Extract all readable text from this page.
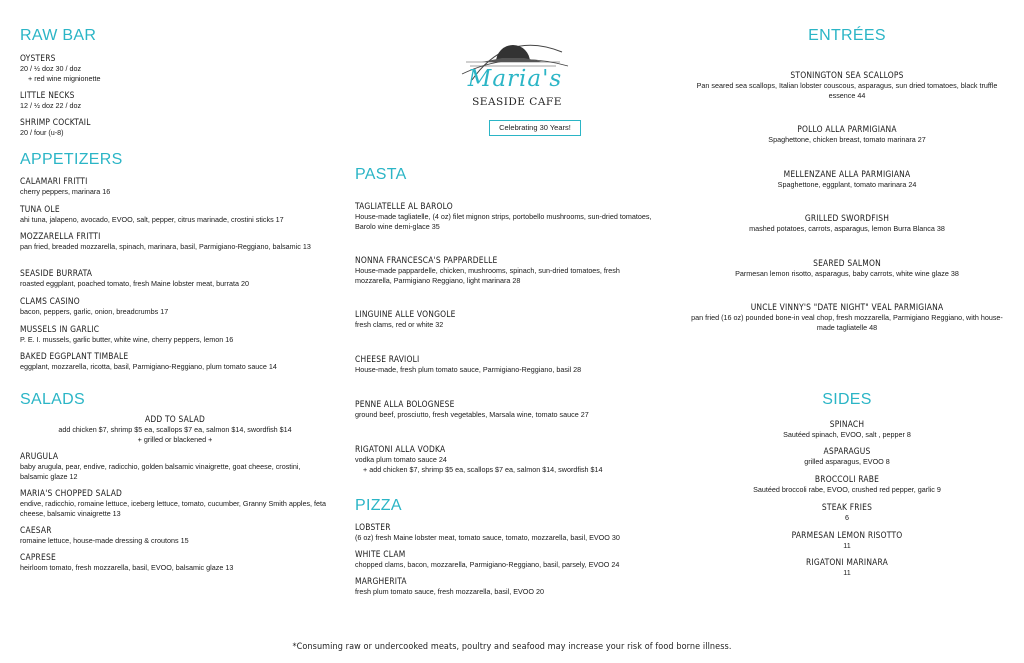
RAW BAR
OYSTERS
20 / ½ doz 30 / doz
+ red wine mignionette
LITTLE NECKS
12 / ½ doz 22 / doz
SHRIMP COCKTAIL
20 / four (u-8)
APPETIZERS
CALAMARI FRITTI
cherry peppers, marinara 16
TUNA OLE
ahi tuna, jalapeno, avocado, EVOO, salt, pepper, citrus marinade, crostini sticks 17
MOZZARELLA FRITTI
pan fried, breaded mozzarella, spinach, marinara, basil, Parmigiano-Reggiano, balsamic 13
SEASIDE BURRATA
roasted eggplant, poached tomato, fresh Maine lobster meat, burrata 20
CLAMS CASINO
bacon, peppers, garlic, onion, breadcrumbs 17
MUSSELS IN GARLIC
P. E. I. mussels, garlic butter, white wine, cherry peppers, lemon 16
BAKED EGGPLANT TIMBALE
eggplant, mozzarella, ricotta, basil, Parmigiano-Reggiano, plum tomato sauce 14
SALADS
ADD TO SALAD
add chicken $7, shrimp $5 ea, scallops $7 ea, salmon $14, swordfish $14
+ grilled or blackened +
ARUGULA
baby arugula, pear, endive, radicchio, golden balsamic vinaigrette, goat cheese, crostini, balsamic glaze 12
MARIA'S CHOPPED SALAD
endive, radicchio, romaine lettuce, iceberg lettuce, tomato, cucumber, Granny Smith apples, feta cheese, balsamic vinaigrette 13
CAESAR
romaine lettuce, house-made dressing & croutons 15
CAPRESE
heirloom tomato, fresh mozzarella, basil, EVOO, balsamic glaze 13
Maria's
SEASIDE CAFE
Celebrating 30 Years!
PASTA
TAGLIATELLE AL BAROLO
House-made tagliatelle, (4 oz) filet mignon strips, portobello mushrooms, sun-dried tomatoes, Barolo wine demi-glace 35
NONNA FRANCESCA'S PAPPARDELLE
House-made pappardelle, chicken, mushrooms, spinach, sun-dried tomatoes, fresh mozzarella, Parmigiano Reggiano, light marinara 28
LINGUINE ALLE VONGOLE
fresh clams, red or white 32
CHEESE RAVIOLI
House-made, fresh plum tomato sauce, Parmigiano-Reggiano, basil 28
PENNE ALLA BOLOGNESE
ground beef, prosciutto, fresh vegetables, Marsala wine, tomato sauce 27
RIGATONI ALLA VODKA
vodka plum tomato sauce 24
+ add chicken $7, shrimp $5 ea, scallops $7 ea, salmon $14, swordfish $14
PIZZA
LOBSTER
(6 oz) fresh Maine lobster meat, tomato sauce, tomato, mozzarella, basil, EVOO 30
WHITE CLAM
chopped clams, bacon, mozzarella, Parmigiano-Reggiano, basil, parsely, EVOO 24
MARGHERITA
fresh plum tomato sauce, fresh mozzarella, basil, EVOO 20
ENTRÉES
STONINGTON SEA SCALLOPS
Pan seared sea scallops, Italian lobster couscous, asparagus, sun dried tomatoes, black truffle essence 44
POLLO ALLA PARMIGIANA
Spaghettone, chicken breast, tomato marinara 27
MELLENZANE ALLA PARMIGIANA
Spaghettone, eggplant, tomato marinara 24
GRILLED SWORDFISH
mashed potatoes, carrots, asparagus, lemon Burra Blanca 38
SEARED SALMON
Parmesan lemon risotto, asparagus, baby carrots, white wine glaze 38
UNCLE VINNY'S "DATE NIGHT" VEAL PARMIGIANA
pan fried (16 oz) pounded bone-in veal chop, fresh mozzarella, Parmigiano Reggiano, with house-made tagliatelle 48
SIDES
SPINACH
Sautéed spinach, EVOO, salt , pepper 8
ASPARAGUS
grilled asparagus, EVOO 8
BROCCOLI RABE
Sautéed broccoli rabe, EVOO, crushed red pepper, garlic 9
STEAK FRIES
6
PARMESAN LEMON RISOTTO
11
RIGATONI MARINARA
11
*Consuming raw or undercooked meats, poultry and seafood may increase your risk of food borne illness.
